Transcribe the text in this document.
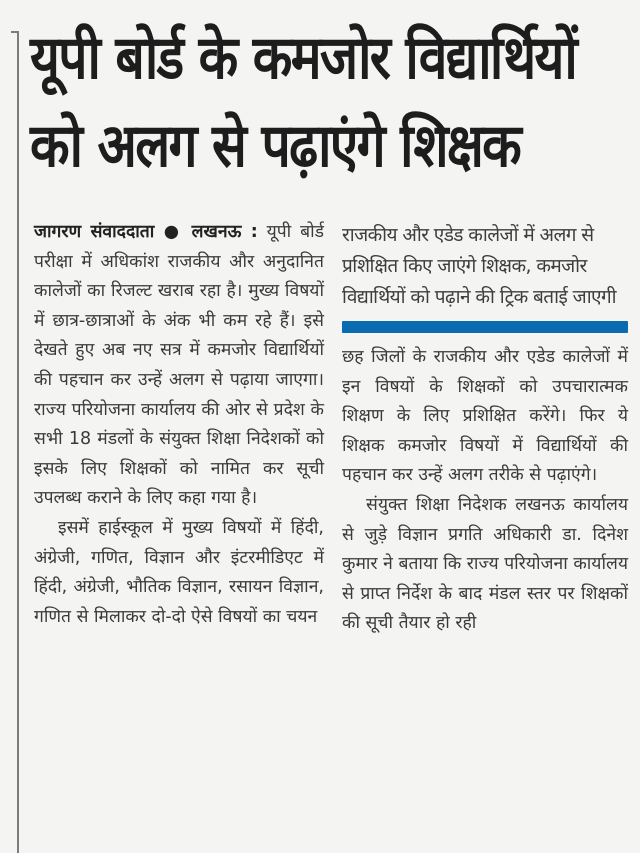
यूपी बोर्ड के कमजोर विद्यार्थियों
को अलग से पढ़ाएंगे शिक्षक

जागरण संवाददाता ● लखनऊ : यूपी बोर्ड परीक्षा में अधिकांश राजकीय और अनुदानित कालेजों का रिजल्ट खराब रहा है। मुख्य विषयों में छात्र-छात्राओं के अंक भी कम रहे हैं। इसे देखते हुए अब नए सत्र में कमजोर विद्यार्थियों की पहचान कर उन्हें अलग से पढ़ाया जाएगा। राज्य परियोजना कार्यालय की ओर से प्रदेश के सभी 18 मंडलों के संयुक्त शिक्षा निदेशकों को इसके लिए शिक्षकों को नामित कर सूची उपलब्ध कराने के लिए कहा गया है।

इसमें हाईस्कूल में मुख्य विषयों में हिंदी, अंग्रेजी, गणित, विज्ञान और इंटरमीडिएट में हिंदी, अंग्रेजी, भौतिक विज्ञान, रसायन विज्ञान, गणित से मिलाकर दो-दो ऐसे विषयों का चयन

राजकीय और एडेड कालेजों में अलग से प्रशिक्षित किए जाएंगे शिक्षक, कमजोर विद्यार्थियों को पढ़ाने की ट्रिक बताई जाएगी

छह जिलों के राजकीय और एडेड कालेजों में इन विषयों के शिक्षकों को उपचारात्मक शिक्षण के लिए प्रशिक्षित करेंगे। फिर ये शिक्षक कमजोर विषयों में विद्यार्थियों की पहचान कर उन्हें अलग तरीके से पढ़ाएंगे।

संयुक्त शिक्षा निदेशक लखनऊ कार्यालय से जुड़े विज्ञान प्रगति अधिकारी डा. दिनेश कुमार ने बताया कि राज्य परियोजना कार्यालय से प्राप्त निर्देश के बाद मंडल स्तर पर शिक्षकों की सूची तैयार हो रही
